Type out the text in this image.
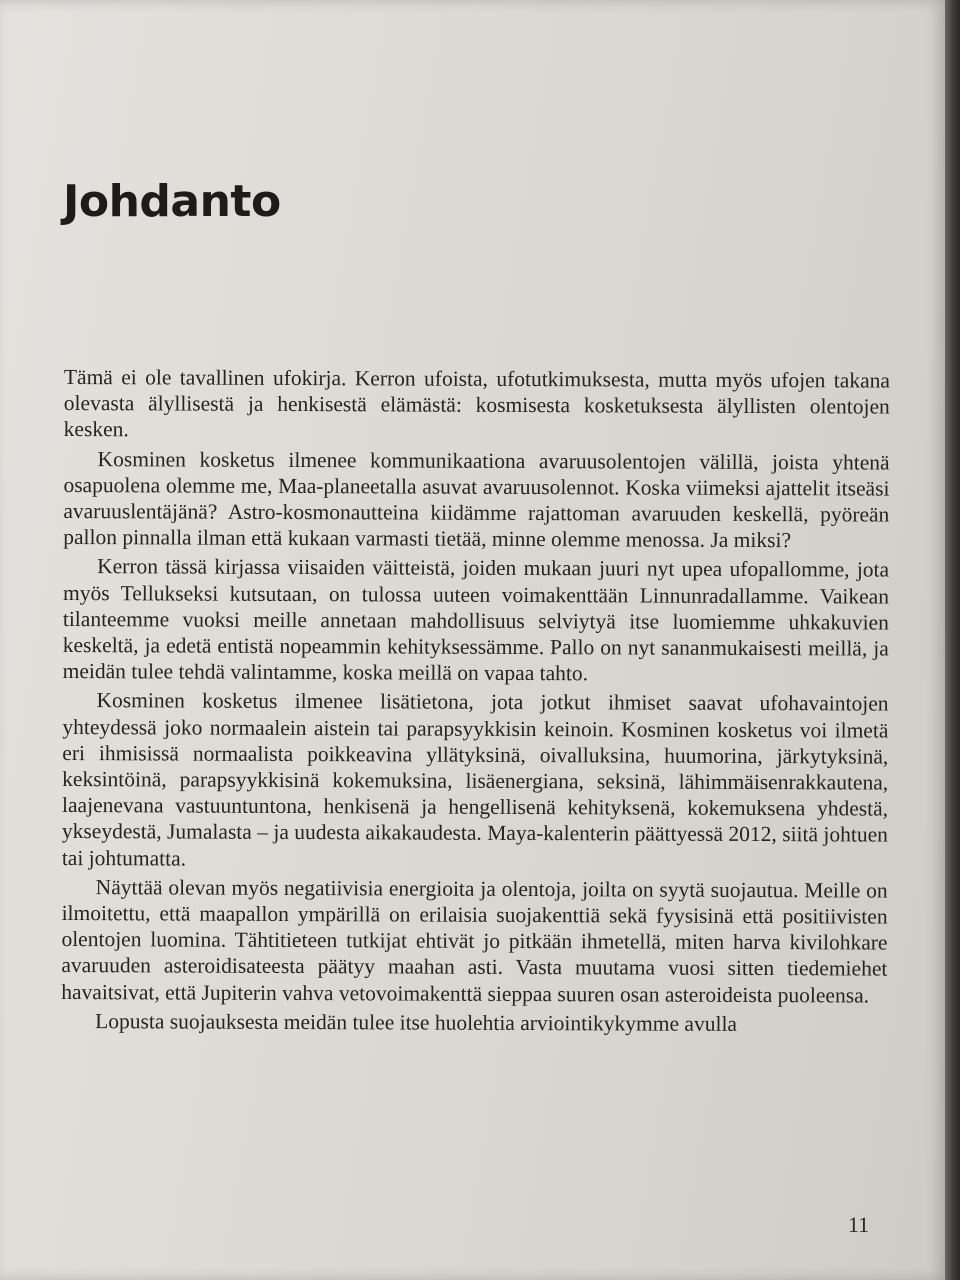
Johdanto

Tämä ei ole tavallinen ufokirja. Kerron ufoista, ufotutkimuksesta, mutta myös ufojen takana olevasta älyllisestä ja henkisestä elämästä: kosmisesta kosketuksesta älyllisten olentojen kesken.

Kosminen kosketus ilmenee kommunikaationa avaruusolentojen välillä, joista yhtenä osapuolena olemme me, Maa-planeetalla asuvat avaruusolennot. Koska viimeksi ajattelit itseäsi avaruuslentäjänä? Astro-kosmonautteina kiidämme rajattoman avaruuden keskellä, pyöreän pallon pinnalla ilman että kukaan varmasti tietää, minne olemme menossa. Ja miksi?

Kerron tässä kirjassa viisaiden väitteistä, joiden mukaan juuri nyt upea ufopallomme, jota myös Tellukseksi kutsutaan, on tulossa uuteen voimakenttään Linnunradallamme. Vaikean tilanteemme vuoksi meille annetaan mahdollisuus selviytyä itse luomiemme uhkakuvien keskeltä, ja edetä entistä nopeammin kehityksessämme. Pallo on nyt sananmukaisesti meillä, ja meidän tulee tehdä valintamme, koska meillä on vapaa tahto.

Kosminen kosketus ilmenee lisätietona, jota jotkut ihmiset saavat ufohavaintojen yhteydessä joko normaalein aistein tai parapsyykkisin keinoin. Kosminen kosketus voi ilmetä eri ihmisissä normaalista poikkeavina yllätyksinä, oivalluksina, huumorina, järkytyksinä, keksintöinä, parapsyykkisinä kokemuksina, lisäenergiana, seksinä, lähimmäisenrakkautena, laajenevana vastuuntuntona, henkisenä ja hengellisenä kehityksenä, kokemuksena yhdestä, ykseydestä, Jumalasta – ja uudesta aikakaudesta. Maya-kalenterin päättyessä 2012, siitä johtuen tai johtumatta.

Näyttää olevan myös negatiivisia energioita ja olentoja, joilta on syytä suojautua. Meille on ilmoitettu, että maapallon ympärillä on erilaisia suojakenttiä sekä fyysisinä että positiivisten olentojen luomina. Tähtitieteen tutkijat ehtivät jo pitkään ihmetellä, miten harva kivilohkare avaruuden asteroidisateesta päätyy maahan asti. Vasta muutama vuosi sitten tiedemiehet havaitsivat, että Jupiterin vahva vetovoimakenttä sieppaa suuren osan asteroideista puoleensa.

Lopusta suojauksesta meidän tulee itse huolehtia arviointikykymme avulla

11
